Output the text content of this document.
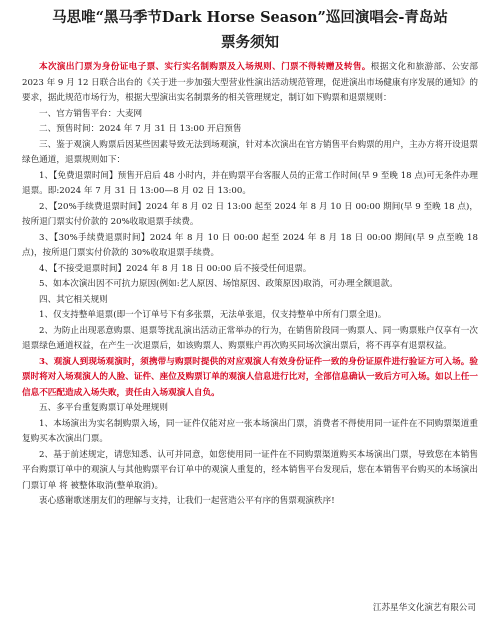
马思唯“黑马季节Dark Horse Season”巡回演唱会-青岛站

票务须知

本次演出门票为身份证电子票、实行实名制购票及入场规则、门票不得转赠及转售。根据文化和旅游部、公安部 2023 年 9 月 12 日联合出台的《关于进一步加强大型营业性演出活动规范管理，促进演出市场健康有序发展的通知》的要求，据此规范市场行为，根据大型演出实名制票务的相关管理规定，制订如下购票和退票规则：

一、官方销售平台：大麦网

二、预售时间：2024 年 7 月 31 日 13:00 开启预售

三、鉴于观演人购票后因某些因素导致无法到场观演，针对本次演出在官方销售平台购票的用户，主办方将开设退票绿色通道，退票规则如下：

1、【免费退票时间】预售开启后 48 小时内，并在购票平台客服人员的正常工作时间(早 9 至晚 18 点)可无条件办理退票。即:2024 年 7 月 31 日 13:00—8 月 02 日 13:00。

2、【20%手续费退票时间】2024 年 8 月 02 日 13:00 起至 2024 年 8 月 10 日 00:00 期间(早 9 至晚 18 点)，按所退门票实付价款的 20%收取退票手续费。

3、【30%手续费退票时间】2024 年 8 月 10 日 00:00 起至 2024 年 8 月 18 日 00:00 期间(早 9 点至晚 18 点)，按所退门票实付价款的 30%收取退票手续费。

4、【不接受退票时间】2024 年 8 月 18 日 00:00 后不接受任何退票。

5、如本次演出因不可抗力原因(例如:艺人原因、场馆原因、政策原因)取消，可办理全额退款。

四、其它相关规则

1、仅支持整单退票(即一个订单号下有多张票，无法单张退，仅支持整单中所有门票全退)。

2、为防止出现恶意购票、退票等扰乱演出活动正常举办的行为，在销售阶段同一购票人、同一购票账户仅享有一次退票绿色通道权益，在产生一次退票后，如该购票人、购票账户再次购买同场次演出票后，将不再享有退票权益。

3、观演人到现场观演时，须携带与购票时提供的对应观演人有效身份证件一致的身份证原件进行验证方可入场。验票时将对入场观演人的人脸、证件、座位及购票订单的观演人信息进行比对，全部信息确认一致后方可入场。如以上任一信息不匹配造成入场失败，责任由入场观演人自负。

五、多平台重复购票订单处理规则

1、本场演出为实名制购票入场，同一证件仅能对应一张本场演出门票，消费者不得使用同一证件在不同购票渠道重复购买本次演出门票。

2、基于前述规定，请您知悉、认可并同意，如您使用同一证件在不同购票渠道购买本场演出门票，导致您在本销售平台购票订单中的观演人与其他购票平台订单中的观演人重复的，经本销售平台发现后，您在本销售平台购买的本场演出门票订单 将 被整体取消(整单取消)。

衷心感谢歌迷朋友们的理解与支持，让我们一起营造公平有序的售票观演秩序!

江苏星华文化演艺有限公司
